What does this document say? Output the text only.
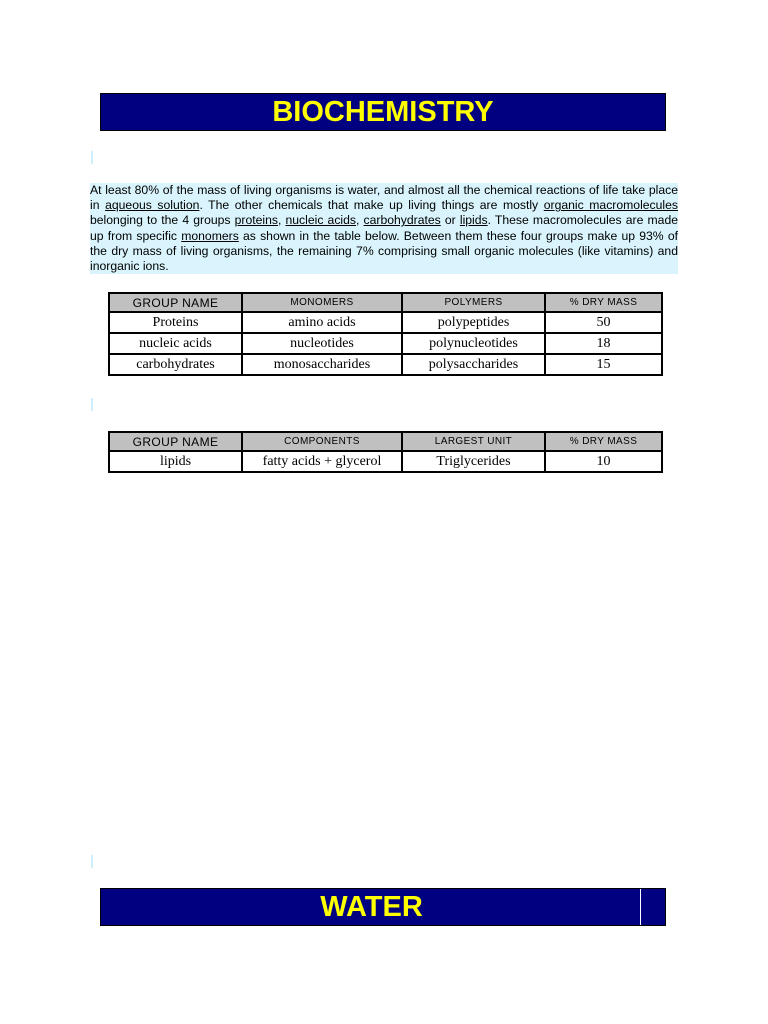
BIOCHEMISTRY

At least 80% of the mass of living organisms is water, and almost all the chemical reactions of life take place in aqueous solution. The other chemicals that make up living things are mostly organic macromolecules belonging to the 4 groups proteins, nucleic acids, carbohydrates or lipids. These macromolecules are made up from specific monomers as shown in the table below. Between them these four groups make up 93% of the dry mass of living organisms, the remaining 7% comprising small organic molecules (like vitamins) and inorganic ions.

GROUP NAME	MONOMERS	POLYMERS	% DRY MASS
Proteins	amino acids	polypeptides	50
nucleic acids	nucleotides	polynucleotides	18
carbohydrates	monosaccharides	polysaccharides	15
GROUP NAME	COMPONENTS	LARGEST UNIT	% DRY MASS
lipids	fatty acids + glycerol	Triglycerides	10
WATER
